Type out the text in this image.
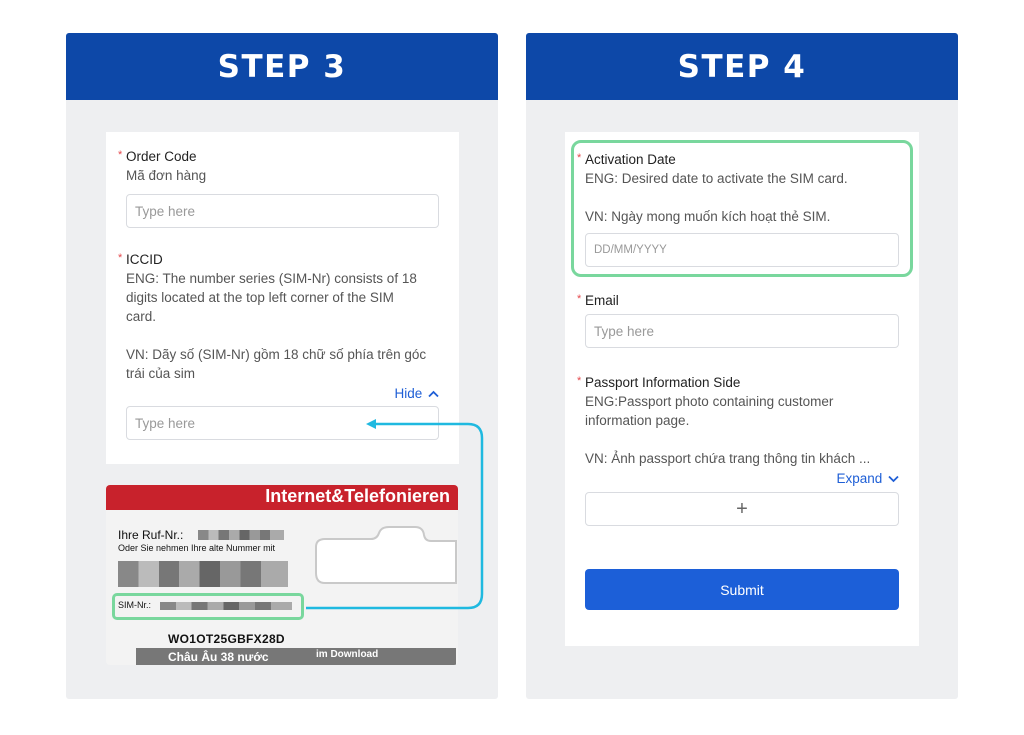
STEP 3
* Order Code
Mã đơn hàng
Type here
* ICCID
ENG: The number series (SIM-Nr) consists of 18
digits located at the top left corner of the SIM
card.
VN: Dãy số (SIM-Nr) gồm 18 chữ số phía trên góc
trái của sim
Hide
Type here
Internet&Telefonieren
Ihre Ruf-Nr.:
Oder Sie nehmen Ihre alte Nummer mit
SIM-Nr.:
WO1OT25GBFX28D
Châu Âu 38 nước	im Download
STEP 4
* Activation Date
ENG: Desired date to activate the SIM card.
VN: Ngày mong muốn kích hoạt thẻ SIM.
DD/MM/YYYY
* Email
Type here
* Passport Information Side
ENG:Passport photo containing customer
information page.
VN: Ảnh passport chứa trang thông tin khách ...
Expand
+
Submit
